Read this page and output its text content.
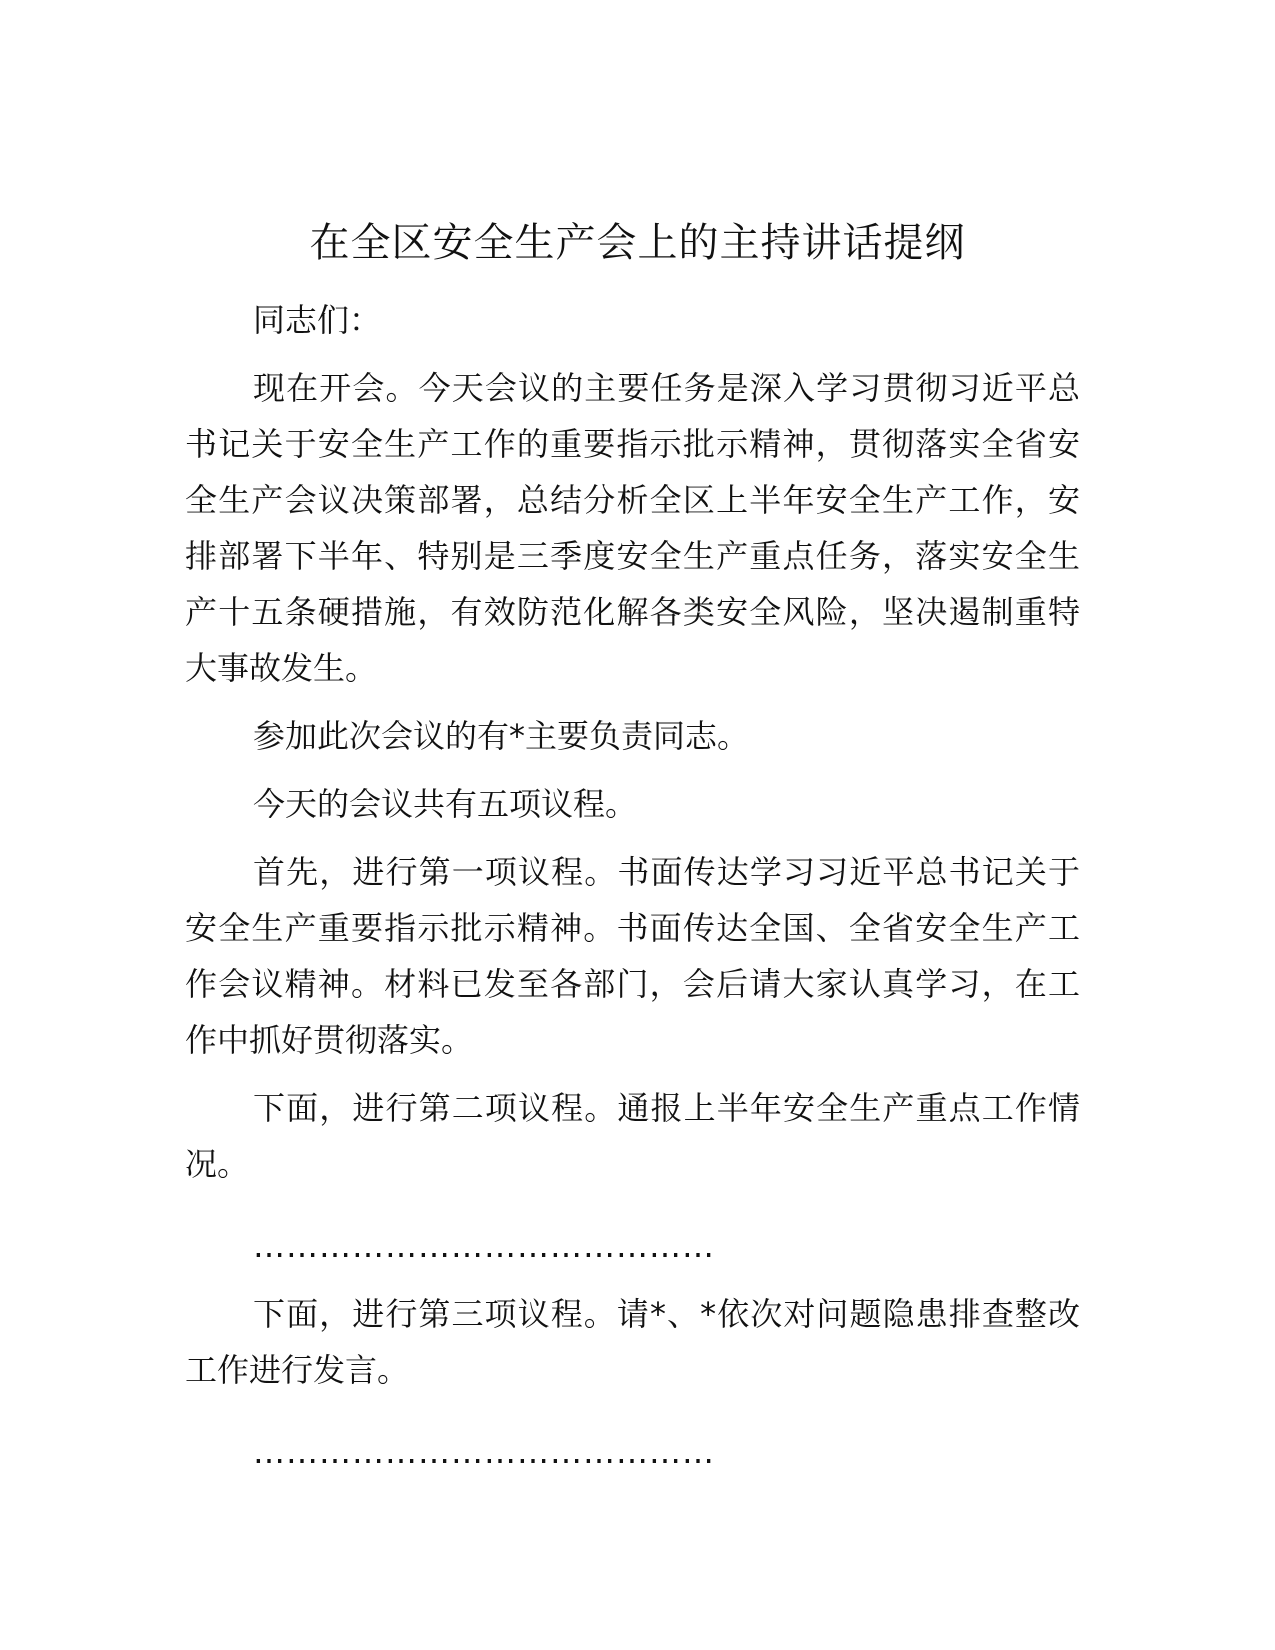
在全区安全生产会上的主持讲话提纲

同志们：

现在开会。今天会议的主要任务是深入学习贯彻习近平总书记关于安全生产工作的重要指示批示精神，贯彻落实全省安全生产会议决策部署，总结分析全区上半年安全生产工作，安排部署下半年、特别是三季度安全生产重点任务，落实安全生产十五条硬措施，有效防范化解各类安全风险，坚决遏制重特大事故发生。

参加此次会议的有*主要负责同志。

今天的会议共有五项议程。

首先，进行第一项议程。书面传达学习习近平总书记关于安全生产重要指示批示精神。书面传达全国、全省安全生产工作会议精神。材料已发至各部门，会后请大家认真学习，在工作中抓好贯彻落实。

下面，进行第二项议程。通报上半年安全生产重点工作情况。

……………………………………

下面，进行第三项议程。请*、*依次对问题隐患排查整改工作进行发言。

……………………………………
